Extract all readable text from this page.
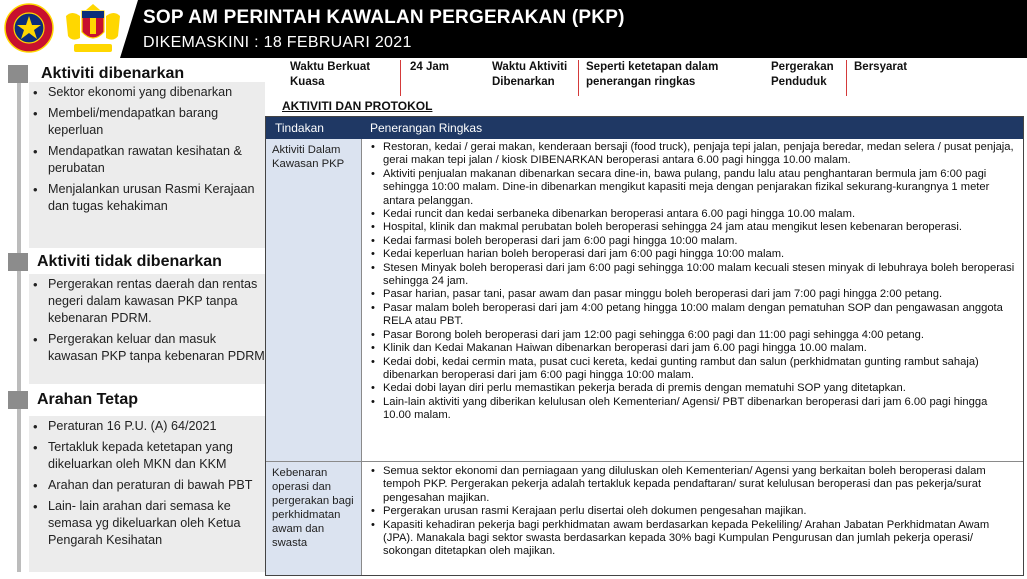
SOP AM PERINTAH KAWALAN PERGERAKAN (PKP)
DIKEMASKINI : 18 FEBRUARI 2021
Aktiviti dibenarkan
• Sektor ekonomi yang dibenarkan
• Membeli/mendapatkan barang keperluan
• Mendapatkan rawatan kesihatan & perubatan
• Menjalankan urusan Rasmi Kerajaan dan tugas kehakiman
Aktiviti tidak dibenarkan
• Pergerakan rentas daerah dan rentas negeri dalam kawasan PKP tanpa kebenaran PDRM.
• Pergerakan keluar dan masuk kawasan PKP tanpa kebenaran PDRM
Arahan Tetap
• Peraturan 16 P.U. (A) 64/2021
• Tertakluk kepada ketetapan yang dikeluarkan oleh MKN dan KKM
• Arahan dan peraturan di bawah PBT
• Lain- lain arahan dari semasa ke semasa yg dikeluarkan oleh Ketua Pengarah Kesihatan
Waktu Berkuat Kuasa
24 Jam	Waktu Aktiviti Dibenarkan
Seperti ketetapan dalam penerangan ringkas
Pergerakan Penduduk
Bersyarat
AKTIVITI DAN PROTOKOL
Tindakan	Penerangan Ringkas
Aktiviti Dalam Kawasan PKP
• Restoran, kedai / gerai makan, kenderaan bersaji (food truck), penjaja tepi jalan, penjaja beredar, medan selera / pusat penjaja, gerai makan tepi jalan / kiosk DIBENARKAN beroperasi antara 6.00 pagi hingga 10.00 malam.
• Aktiviti penjualan makanan dibenarkan secara dine-in, bawa pulang, pandu lalu atau penghantaran bermula jam 6:00 pagi sehingga 10:00 malam. Dine-in dibenarkan mengikut kapasiti meja dengan penjarakan fizikal sekurang-kurangnya 1 meter antara pelanggan.
• Kedai runcit dan kedai serbaneka dibenarkan beroperasi antara 6.00 pagi hingga 10.00 malam.
• Hospital, klinik dan makmal perubatan boleh beroperasi sehingga 24 jam atau mengikut lesen kebenaran beroperasi.
• Kedai farmasi boleh beroperasi dari jam 6:00 pagi hingga 10:00 malam.
• Kedai keperluan harian boleh beroperasi dari jam 6:00 pagi hingga 10:00 malam.
• Stesen Minyak boleh beroperasi dari jam 6:00 pagi sehingga 10:00 malam kecuali stesen minyak di lebuhraya boleh beroperasi sehingga 24 jam.
• Pasar harian, pasar tani, pasar awam dan pasar minggu boleh beroperasi dari jam 7:00 pagi hingga 2:00 petang.
• Pasar malam boleh beroperasi dari jam 4:00 petang hingga 10:00 malam dengan pematuhan SOP dan pengawasan anggota RELA atau PBT.
• Pasar Borong boleh beroperasi dari jam 12:00 pagi sehingga 6:00 pagi dan 11:00 pagi sehingga 4:00 petang.
• Klinik dan Kedai Makanan Haiwan dibenarkan beroperasi dari jam 6.00 pagi hingga 10.00 malam.
• Kedai dobi, kedai cermin mata, pusat cuci kereta, kedai gunting rambut dan salun (perkhidmatan gunting rambut sahaja) dibenarkan beroperasi dari jam 6:00 pagi hingga 10:00 malam.
• Kedai dobi layan diri perlu memastikan pekerja berada di premis dengan mematuhi SOP yang ditetapkan.
• Lain-lain aktiviti yang diberikan kelulusan oleh Kementerian/ Agensi/ PBT dibenarkan beroperasi dari jam 6.00 pagi hingga 10.00 malam.
Kebenaran operasi dan pergerakan bagi perkhidmatan awam dan swasta
• Semua sektor ekonomi dan perniagaan yang diluluskan oleh Kementerian/ Agensi yang berkaitan boleh beroperasi dalam tempoh PKP. Pergerakan pekerja adalah tertakluk kepada pendaftaran/ surat kelulusan beroperasi dan pas pekerja/surat pengesahan majikan.
• Pergerakan urusan rasmi Kerajaan perlu disertai oleh dokumen pengesahan majikan.
• Kapasiti kehadiran pekerja bagi perkhidmatan awam berdasarkan kepada Pekeliling/ Arahan Jabatan Perkhidmatan Awam (JPA). Manakala bagi sektor swasta berdasarkan kepada 30% bagi Kumpulan Pengurusan dan jumlah pekerja operasi/ sokongan ditetapkan oleh majikan.
